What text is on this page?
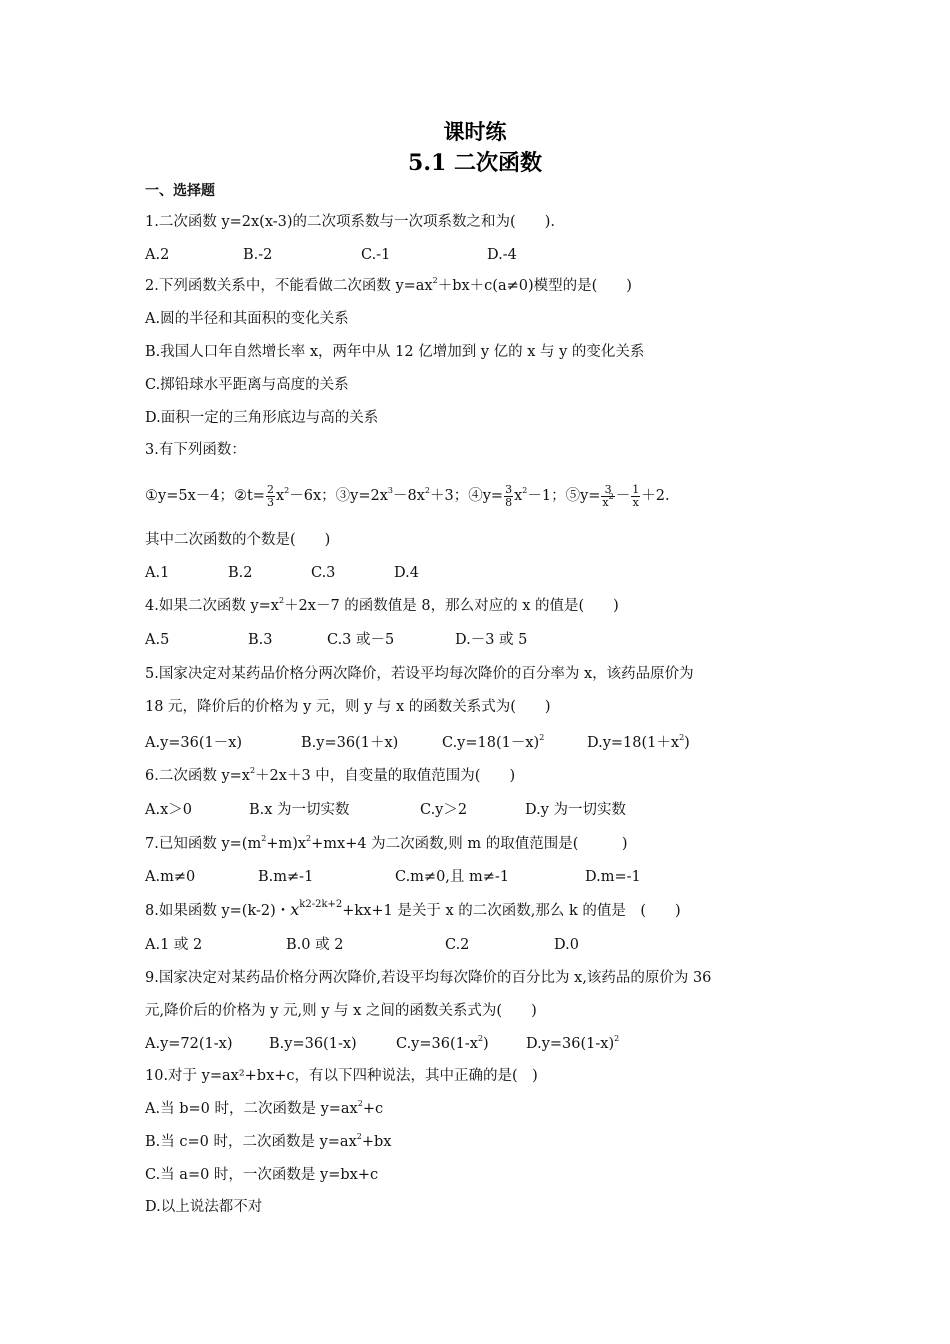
课时练
5.1 二次函数
一、选择题
1.二次函数 y=2x(x-3)的二次项系数与一次项系数之和为(　　).
A.2	B.-2	C.-1	D.-4
2.下列函数关系中，不能看做二次函数 $y=ax^2+bx+c(a\ne 0)$模型的是(　　)
A.圆的半径和其面积的变化关系
B.我国人口年自然增长率 x，两年中从 12 亿增加到 y 亿的 x 与 y 的变化关系
C.掷铅球水平距离与高度的关系
D.面积一定的三角形底边与高的关系
3.有下列函数：
①y=5x－4；②t= $\frac{2}{3} x^2-6x$；$③y=2x^3-8x^2+3$；④y= $\frac{3}{8} x^2-1$；⑤y= $\frac{3}{x^2} - \frac{1}{x} +2$.
其中二次函数的个数是(　　)
A.1	B.2	C.3	D.4
4.如果二次函数 $y=x^2+2x-7$ 的函数值是 8，那么对应的 x 的值是(　　)
A.5	B.3	C.3 或－5	D.－3 或 5
5.国家决定对某药品价格分两次降价，若设平均每次降价的百分率为 x，该药品原价为
18 元，降价后的价格为 y 元，则 y 与 x 的函数关系式为(　　)
A.y=36(1－x)	B.y=36(1＋x)	$C.y=18(1-x)^2$	$D.y=18(1+x^2)$
6.二次函数 $y=x^2+2x+3$ 中，自变量的取值范围为(　　)
A.x＞0	B.x 为一切实数	C.y＞2	D.y 为一切实数
7.已知函数 $y=(m^2+m)x^2+mx+4$ 为二次函数,则 m 的取值范围是(　　　)
A.m≠0	B.m≠-1	C.m≠0,且 m≠-1	D.m=-1
8.如果函数 y=(k-2)・$x^{k2-2k+2}+kx+1$ 是关于 x 的二次函数,那么 k 的值是　(　　)
A.1 或 2	B.0 或 2	C.2	D.0
9.国家决定对某药品价格分两次降价,若设平均每次降价的百分比为 x,该药品的原价为 36
元,降价后的价格为 y 元,则 y 与 x 之间的函数关系式为(　　)
A.y=72(1-x)	B.y=36(1-x)	$C.y=36(1-x^2)$	$D.y=36(1-x)^2$
10.对于 y=ax²+bx+c，有以下四种说法，其中正确的是(　)
A.当 b=0 时，二次函数是 $y=ax^2+c$
B.当 c=0 时，二次函数是 $y=ax^2+bx$
C.当 a=0 时，一次函数是 y=bx+c
D.以上说法都不对
